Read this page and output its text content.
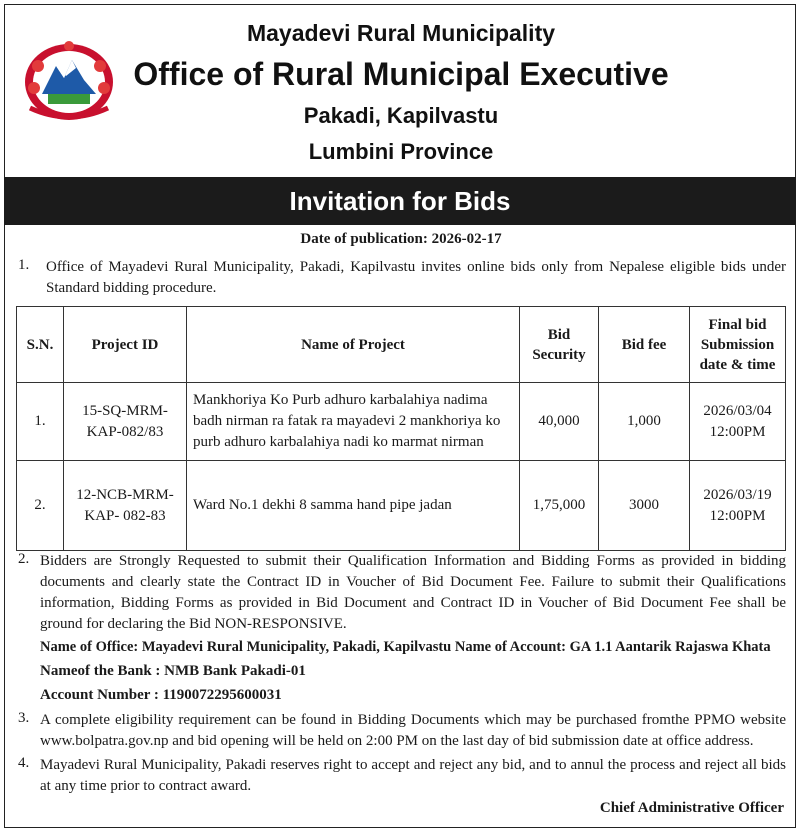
Mayadevi Rural Municipality
Office of Rural Municipal Executive
Pakadi, Kapilvastu
Lumbini Province
Invitation for Bids
Date of publication: 2026-02-17
1. Office of Mayadevi Rural Municipality, Pakadi, Kapilvastu invites online bids only from Nepalese eligible bids under Standard bidding procedure.
S.N.	Project ID	Name of Project	Bid Security	Bid fee	Final bid Submission date & time
1.	15-SQ-MRM-KAP-082/83	Mankhoriya Ko Purb adhuro karbalahiya nadima badh nirman ra fatak ra mayadevi 2 mankhoriya ko purb adhuro karbalahiya nadi ko marmat nirman	40,000	1,000	2026/03/04
12:00PM

2.	12-NCB-MRM-KAP- 082-83	Ward No.1 dekhi 8 samma hand pipe jadan	1,75,000	3000	2026/03/19
12:00PM
2. Bidders are Strongly Requested to submit their Qualification Information and Bidding Forms as provided in bidding documents and clearly state the Contract ID in Voucher of Bid Document Fee. Failure to submit their Qualifications information, Bidding Forms as provided in Bid Document and Contract ID in Voucher of Bid Document Fee shall be ground for declaring the Bid NON-RESPONSIVE.
Name of Office: Mayadevi Rural Municipality, Pakadi, Kapilvastu Name of Account: GA 1.1 Aantarik Rajaswa Khata
Nameof the Bank : NMB Bank Pakadi-01
Account Number : 1190072295600031
3. A complete eligibility requirement can be found in Bidding Documents which may be purchased fromthe PPMO website www.bolpatra.gov.np and bid opening will be held on 2:00 PM on the last day of bid submission date at office address.
4. Mayadevi Rural Municipality, Pakadi reserves right to accept and reject any bid, and to annul the process and reject all bids at any time prior to contract award.
Chief Administrative Officer
